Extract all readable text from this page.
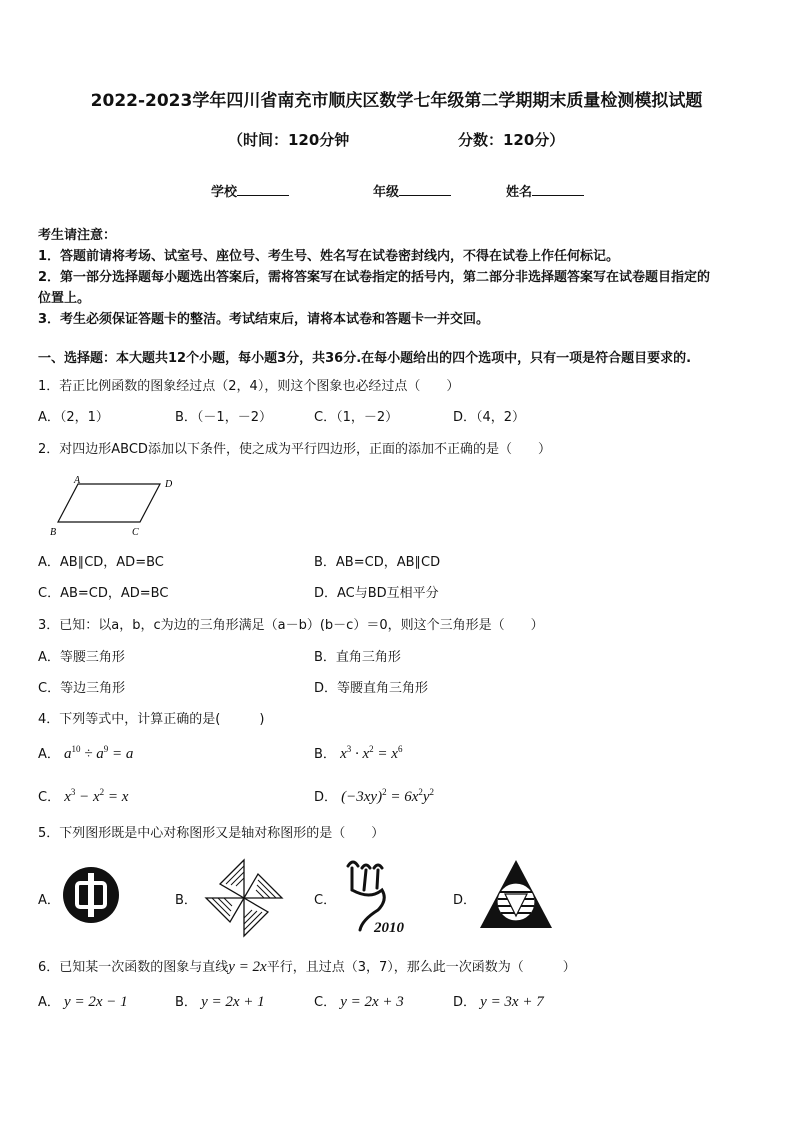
2022-2023学年四川省南充市顺庆区数学七年级第二学期期末质量检测模拟试题
（时间：120分钟	分数：120分）
学校	年级	姓名
考生请注意：
1．答题前请将考场、试室号、座位号、考生号、姓名写在试卷密封线内，不得在试卷上作任何标记。
2．第一部分选择题每小题选出答案后，需将答案写在试卷指定的括号内，第二部分非选择题答案写在试卷题目指定的
位置上。
3．考生必须保证答题卡的整洁。考试结束后，请将本试卷和答题卡一并交回。
一、选择题：本大题共12个小题，每小题3分，共36分.在每小题给出的四个选项中，只有一项是符合题目要求的.
1．若正比例函数的图象经过点（2，4），则这个图象也必经过点（　　）
A．（2，1）	B．（－1，－2）	C．（1，－2）	D．（4，2）
2．对四边形ABCD添加以下条件，使之成为平行四边形，正面的添加不正确的是（　　）
A	D
B	C
A．AB∥CD，AD=BC	B．AB=CD，AB∥CD
C．AB=CD，AD=BC	D．AC与BD互相平分
3．已知：以a，b，c为边的三角形满足（a－b）(b－c）＝0，则这个三角形是（　　）
A．等腰三角形	B．直角三角形
C．等边三角形	D．等腰直角三角形
4．下列等式中，计算正确的是(　　　)
A． $a^{10} \div a^9 = a$	B． $x^3 \cdot x^2 = x^6$
C． $x^3 - x^2 = x$	D． $(-3xy)^2 = 6x^2y^2$
5．下列图形既是中心对称图形又是轴对称图形的是（　　）
A．	B．	C．
2010
D．
6．已知某一次函数的图象与直线y = 2x平行，且过点（3，7），那么此一次函数为（　　　）
A． y = 2x − 1	B． y = 2x + 1	C． y = 2x + 3	D． y = 3x + 7
